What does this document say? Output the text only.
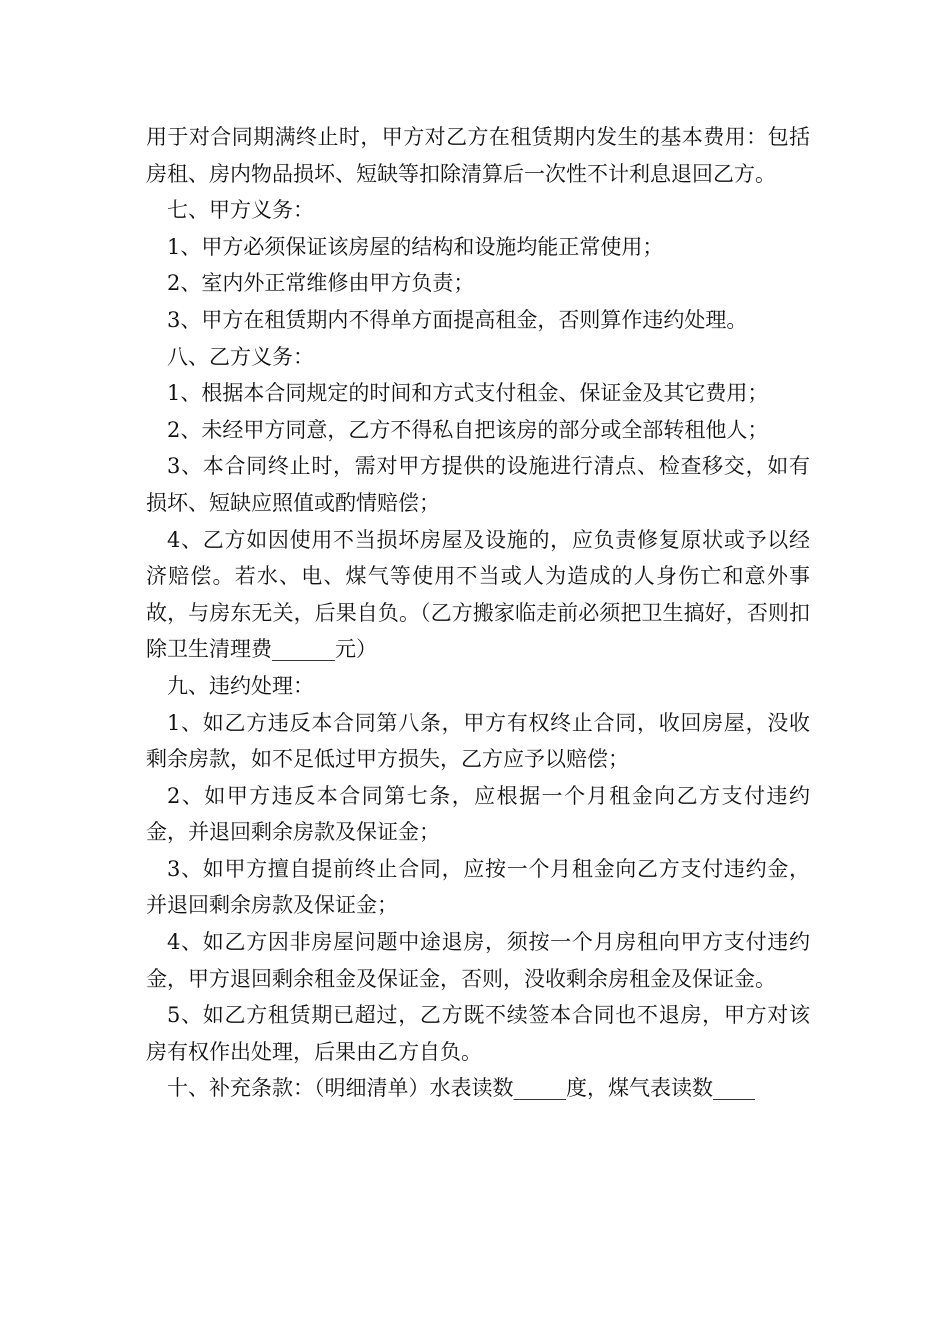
用于对合同期满终止时，甲方对乙方在租赁期内发生的基本费用：包括房租、房内物品损坏、短缺等扣除清算后一次性不计利息退回乙方。

七、甲方义务：

1、甲方必须保证该房屋的结构和设施均能正常使用；

2、室内外正常维修由甲方负责；

3、甲方在租赁期内不得单方面提高租金，否则算作违约处理。

八、乙方义务：

1、根据本合同规定的时间和方式支付租金、保证金及其它费用；

2、未经甲方同意，乙方不得私自把该房的部分或全部转租他人；

3、本合同终止时，需对甲方提供的设施进行清点、检查移交，如有损坏、短缺应照值或酌情赔偿；

4、乙方如因使用不当损坏房屋及设施的，应负责修复原状或予以经济赔偿。若水、电、煤气等使用不当或人为造成的人身伤亡和意外事故，与房东无关，后果自负。（乙方搬家临走前必须把卫生搞好，否则扣除卫生清理费______元）

九、违约处理：

1、如乙方违反本合同第八条，甲方有权终止合同，收回房屋，没收剩余房款，如不足低过甲方损失，乙方应予以赔偿；

2、如甲方违反本合同第七条，应根据一个月租金向乙方支付违约金，并退回剩余房款及保证金；

3、如甲方擅自提前终止合同，应按一个月租金向乙方支付违约金，并退回剩余房款及保证金；

4、如乙方因非房屋问题中途退房，须按一个月房租向甲方支付违约金，甲方退回剩余租金及保证金，否则，没收剩余房租金及保证金。

5、如乙方租赁期已超过，乙方既不续签本合同也不退房，甲方对该房有权作出处理，后果由乙方自负。

十、补充条款：（明细清单）水表读数_____度，煤气表读数____
